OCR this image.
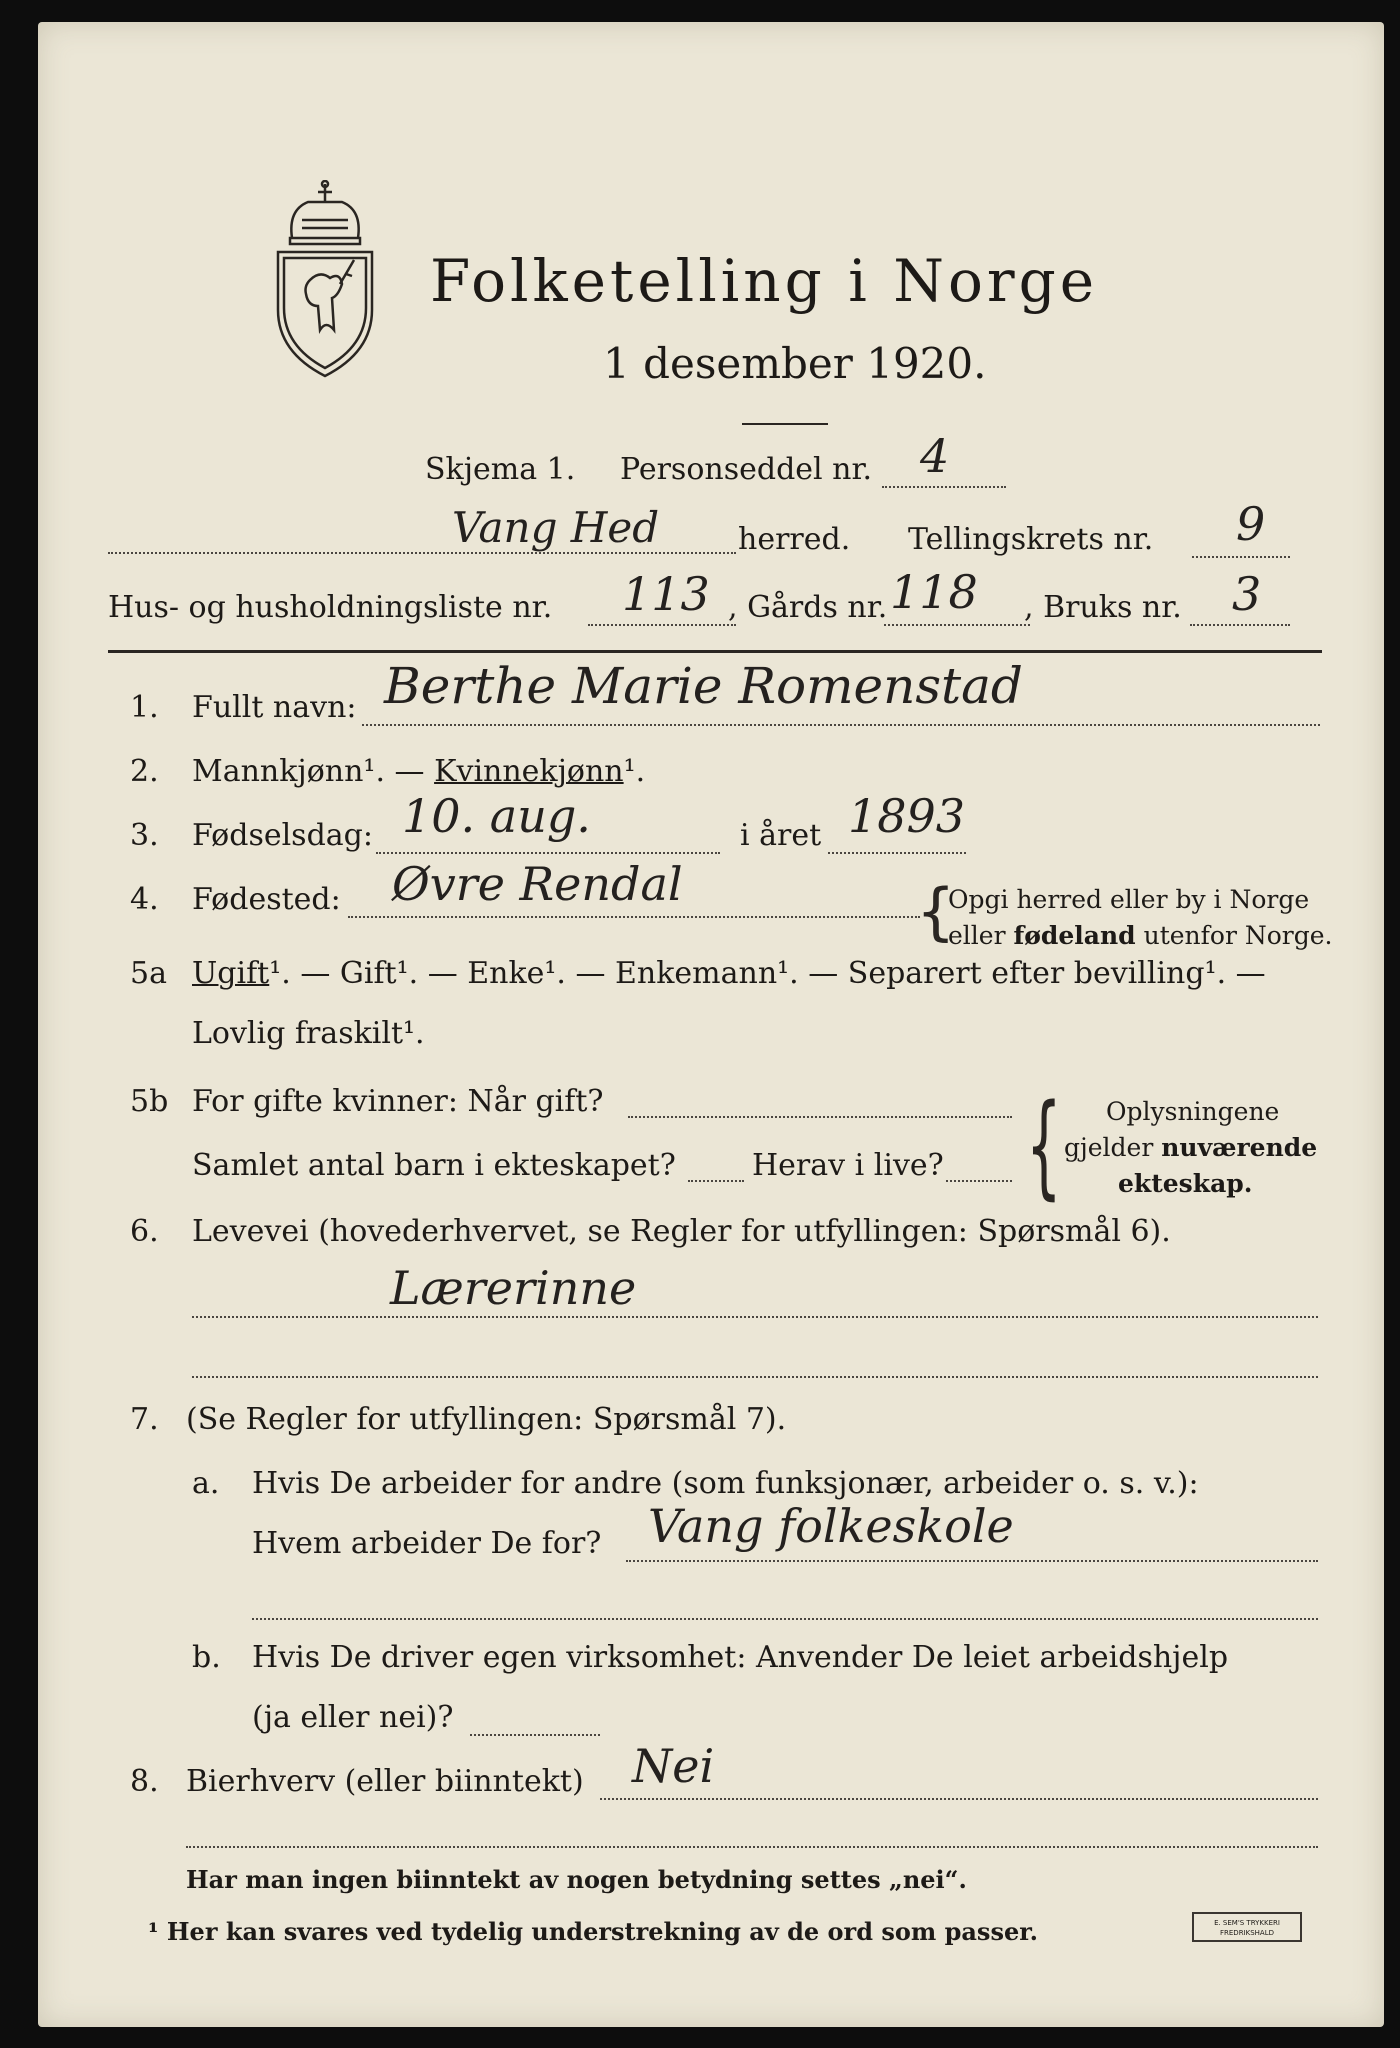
Folketelling i Norge
1 desember 1920.
Skjema 1. Personseddel nr. 4
Vang Hed	herred. Tellingskrets nr. 9
Hus- og husholdningsliste nr. 113 , Gårds nr. 118 , Bruks nr. 3
1. Fullt navn: Berthe Marie Romenstad
2. Mannkjønn¹. — Kvinnekjønn¹.
3. Fødselsdag: 10. aug.	i året 1893
4. Fødested: Øvre Rendal	{
Opgi herred eller by i Norge
eller fødeland utenfor Norge.
5a Ugift¹. — Gift¹. — Enke¹. — Enkemann¹. — Separert efter bevilling¹. —
Lovlig fraskilt¹.
5b For gifte kvinner: Når gift?
Samlet antal barn i ekteskapet?	Herav i live? { Oplysningene
gjelder nuværende
ekteskap.
6. Levevei (hovederhvervet, se Regler for utfyllingen: Spørsmål 6).
Lærerinne
7. (Se Regler for utfyllingen: Spørsmål 7).
a. Hvis De arbeider for andre (som funksjonær, arbeider o. s. v.):
Hvem arbeider De for? Vang folkeskole
b. Hvis De driver egen virksomhet: Anvender De leiet arbeidshjelp
(ja eller nei)?
8. Bierhverv (eller biinntekt) Nei
Har man ingen biinntekt av nogen betydning settes „nei“.
¹ Her kan svares ved tydelig understrekning av de ord som passer.	E. SEM'S TRYKKERI FREDRIKSHALD
